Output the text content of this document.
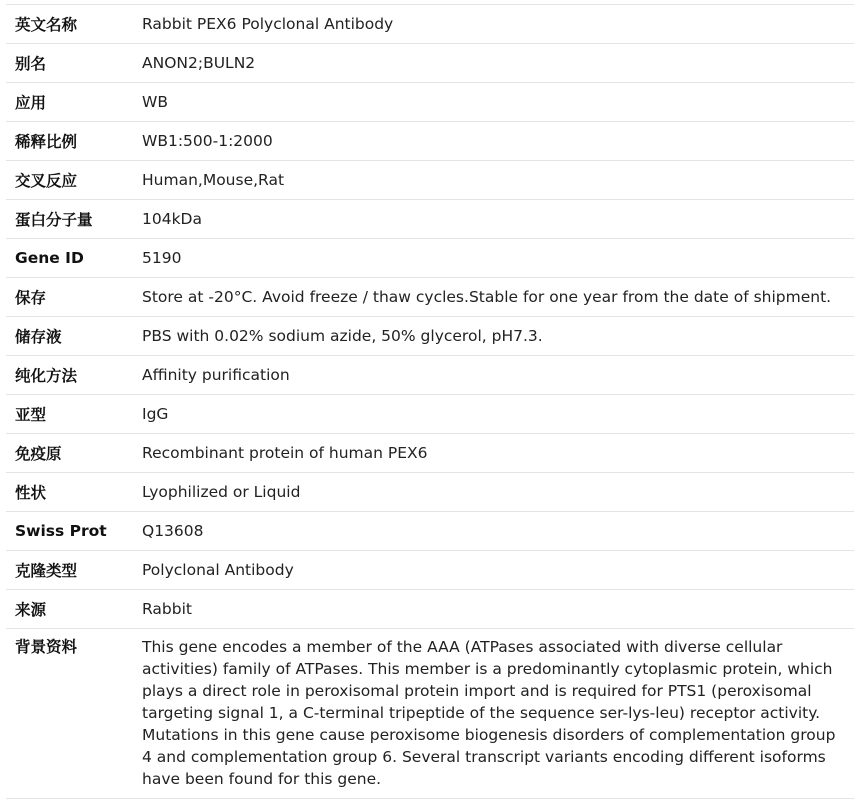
英文名称	Rabbit PEX6 Polyclonal Antibody
别名	ANON2;BULN2
应用	WB
稀释比例	WB1:500-1:2000
交叉反应	Human,Mouse,Rat
蛋白分子量	104kDa
Gene ID	5190
保存	Store at -20°C. Avoid freeze / thaw cycles.Stable for one year from the date of shipment.
储存液	PBS with 0.02% sodium azide, 50% glycerol, pH7.3.
纯化方法	Affinity purification
亚型	IgG
免疫原	Recombinant protein of human PEX6
性状	Lyophilized or Liquid
Swiss Prot	Q13608
克隆类型	Polyclonal Antibody
来源	Rabbit
背景资料	This gene encodes a member of the AAA (ATPases associated with diverse cellular activities) family of ATPases. This member is a predominantly cytoplasmic protein, which plays a direct role in peroxisomal protein import and is required for PTS1 (peroxisomal targeting signal 1, a C-terminal tripeptide of the sequence ser-lys-leu) receptor activity. Mutations in this gene cause peroxisome biogenesis disorders of complementation group 4 and complementation group 6. Several transcript variants encoding different isoforms have been found for this gene.
